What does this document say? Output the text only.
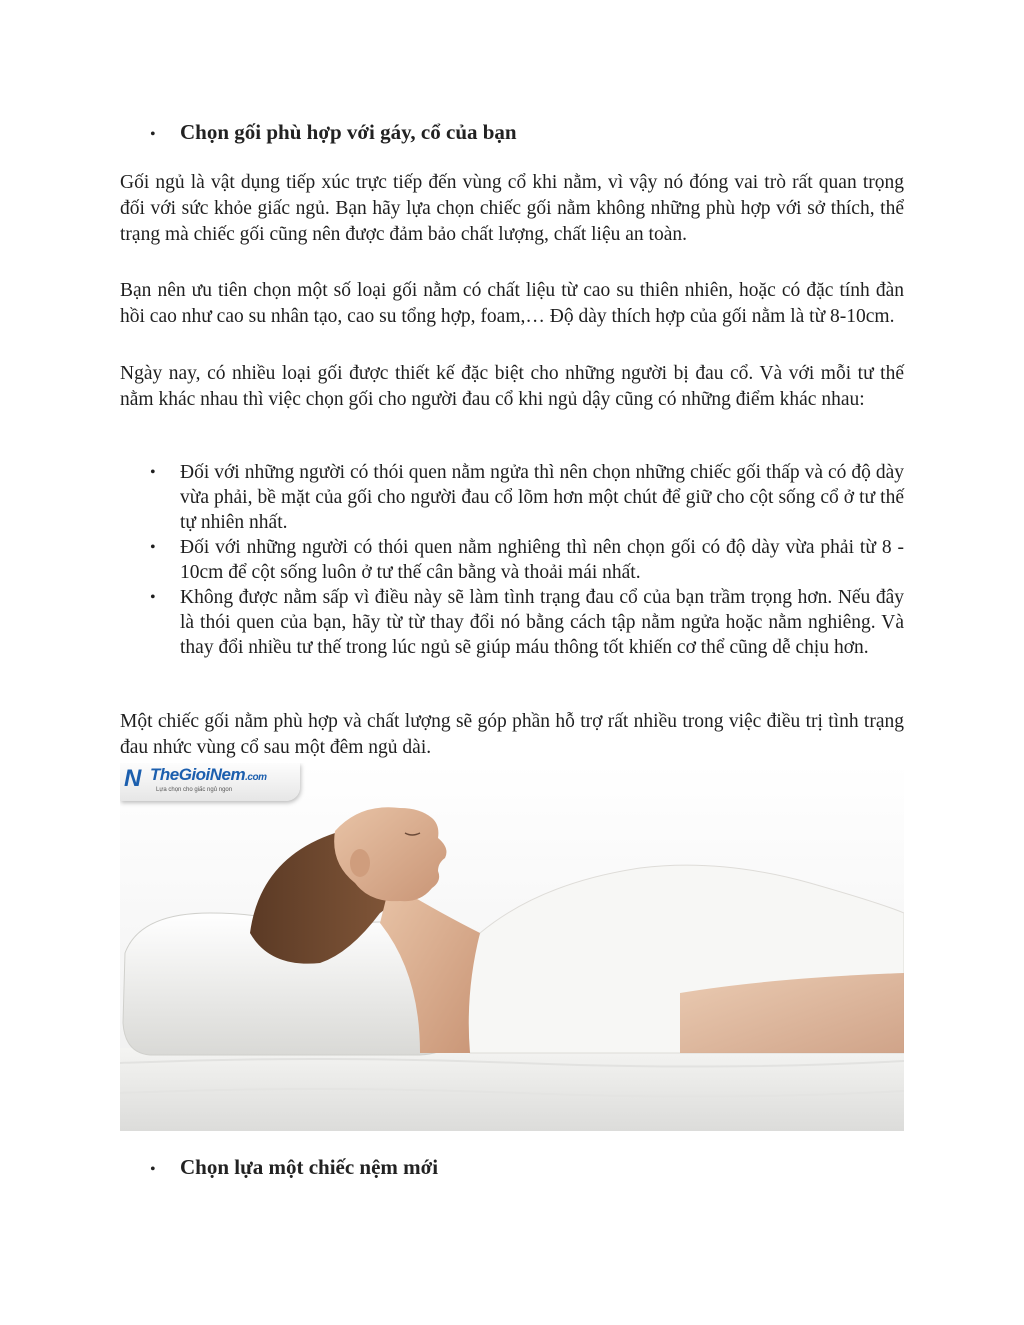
•	Chọn gối phù hợp với gáy, cổ của bạn

Gối ngủ là vật dụng tiếp xúc trực tiếp đến vùng cổ khi nằm, vì vậy nó đóng vai trò rất quan trọng đối với sức khỏe giấc ngủ. Bạn hãy lựa chọn chiếc gối nằm không những phù hợp với sở thích, thể trạng mà chiếc gối cũng nên được đảm bảo chất lượng, chất liệu an toàn.

Bạn nên ưu tiên chọn một số loại gối nằm có chất liệu từ cao su thiên nhiên, hoặc có đặc tính đàn hồi cao như cao su nhân tạo, cao su tổng hợp, foam,… Độ dày thích hợp của gối nằm là từ 8-10cm.

Ngày nay, có nhiều loại gối được thiết kế đặc biệt cho những người bị đau cổ. Và với mỗi tư thế nằm khác nhau thì việc chọn gối cho người đau cổ khi ngủ dậy cũng có những điểm khác nhau:

•	Đối với những người có thói quen nằm ngửa thì nên chọn những chiếc gối thấp và có độ dày vừa phải, bề mặt của gối cho người đau cổ lõm hơn một chút để giữ cho cột sống cổ ở tư thế tự nhiên nhất.
•	Đối với những người có thói quen nằm nghiêng thì nên chọn gối có độ dày vừa phải từ 8 - 10cm để cột sống luôn ở tư thế cân bằng và thoải mái nhất.
•	Không được nằm sấp vì điều này sẽ làm tình trạng đau cổ của bạn trầm trọng hơn. Nếu đây là thói quen của bạn, hãy từ từ thay đổi nó bằng cách tập nằm ngửa hoặc nằm nghiêng. Và thay đổi nhiều tư thế trong lúc ngủ sẽ giúp máu thông tốt khiến cơ thể cũng dễ chịu hơn.

Một chiếc gối nằm phù hợp và chất lượng sẽ góp phần hỗ trợ rất nhiều trong việc điều trị tình trạng đau nhức vùng cổ sau một đêm ngủ dài.

N TheGioiNem.com
Lựa chọn cho giấc ngủ ngon
•	Chọn lựa một chiếc nệm mới
